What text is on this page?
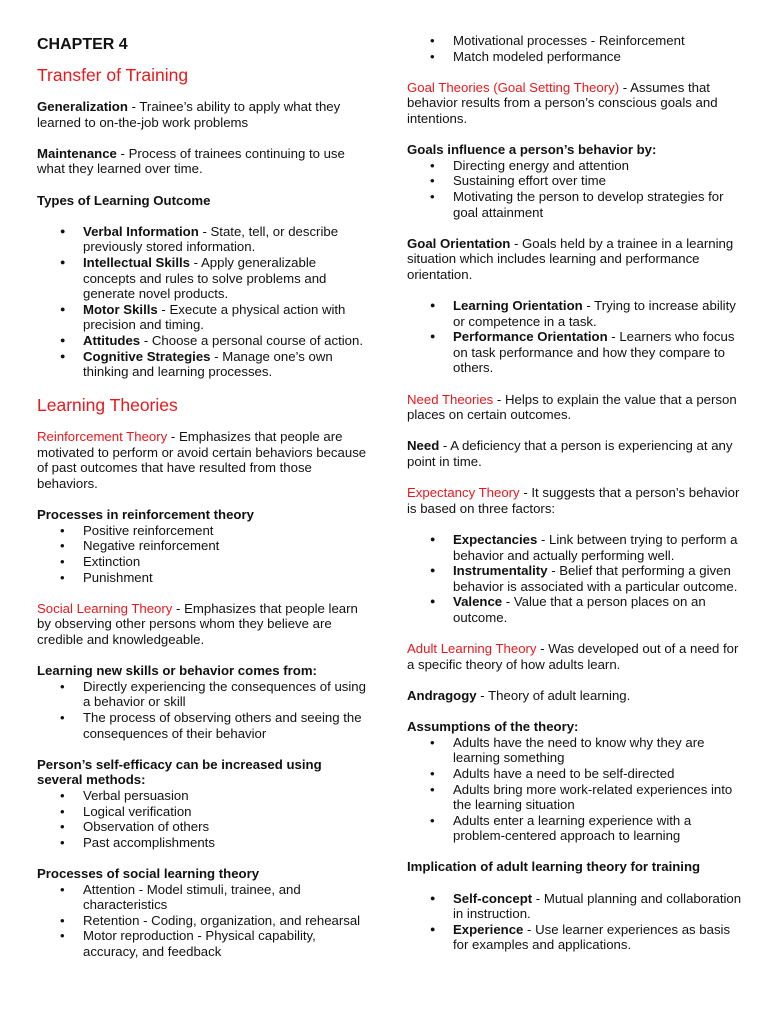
CHAPTER 4
Transfer of Training

Generalization - Trainee’s ability to apply what they learned to on-the-job work problems

Maintenance - Process of trainees continuing to use what they learned over time.

Types of Learning Outcome
● Verbal Information - State, tell, or describe previously stored information.
● Intellectual Skills - Apply generalizable concepts and rules to solve problems and generate novel products.
● Motor Skills - Execute a physical action with precision and timing.
● Attitudes - Choose a personal course of action.
● Cognitive Strategies - Manage one’s own thinking and learning processes.
Learning Theories

Reinforcement Theory - Emphasizes that people are motivated to perform or avoid certain behaviors because of past outcomes that have resulted from those behaviors.

Processes in reinforcement theory
• Positive reinforcement
• Negative reinforcement
• Extinction
• Punishment

Social Learning Theory - Emphasizes that people learn by observing other persons whom they believe are credible and knowledgeable.

Learning new skills or behavior comes from:
• Directly experiencing the consequences of using a behavior or skill
• The process of observing others and seeing the consequences of their behavior
Person’s self-efficacy can be increased using several methods:
• Verbal persuasion
• Logical verification
• Observation of others
• Past accomplishments
Processes of social learning theory
• Attention - Model stimuli, trainee, and characteristics
• Retention - Coding, organization, and rehearsal
• Motor reproduction - Physical capability, accuracy, and feedback
• Motivational processes - Reinforcement
• Match modeled performance

Goal Theories (Goal Setting Theory) - Assumes that behavior results from a person’s conscious goals and intentions.

Goals influence a person’s behavior by:
• Directing energy and attention
• Sustaining effort over time
• Motivating the person to develop strategies for goal attainment

Goal Orientation - Goals held by a trainee in a learning situation which includes learning and performance orientation.

● Learning Orientation - Trying to increase ability or competence in a task.
● Performance Orientation - Learners who focus on task performance and how they compare to others.

Need Theories - Helps to explain the value that a person places on certain outcomes.

Need - A deficiency that a person is experiencing at any point in time.

Expectancy Theory - It suggests that a person’s behavior is based on three factors:

● Expectancies - Link between trying to perform a behavior and actually performing well.
● Instrumentality - Belief that performing a given behavior is associated with a particular outcome.
● Valence - Value that a person places on an outcome.

Adult Learning Theory - Was developed out of a need for a specific theory of how adults learn.

Andragogy - Theory of adult learning.

Assumptions of the theory:
• Adults have the need to know why they are learning something
• Adults have a need to be self-directed
• Adults bring more work-related experiences into the learning situation
• Adults enter a learning experience with a problem-centered approach to learning
Implication of adult learning theory for training
● Self-concept - Mutual planning and collaboration in instruction.
● Experience - Use learner experiences as basis for examples and applications.
